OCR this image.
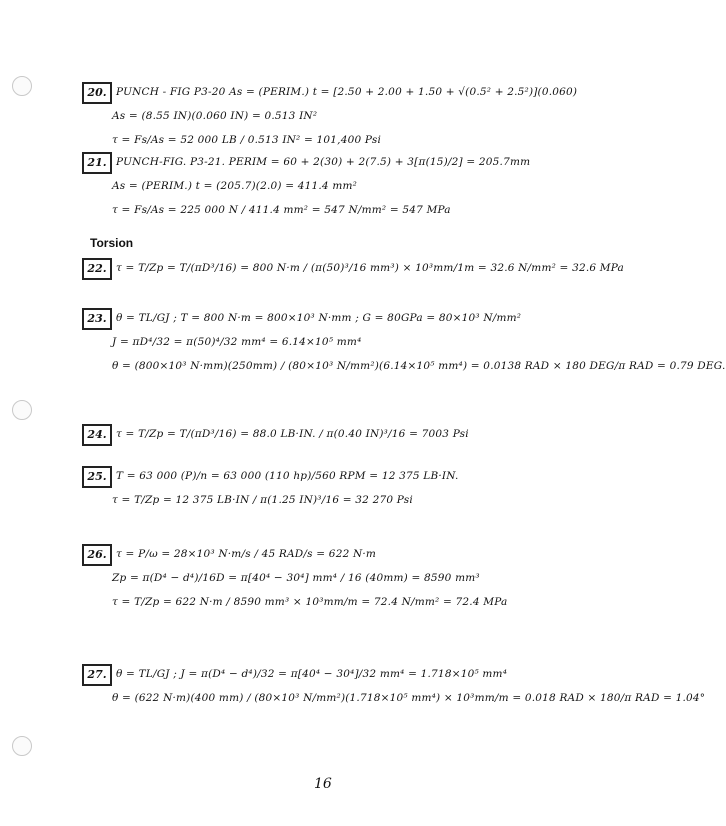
Torsion
20. PUNCH - FIG P3-20 As = (PERIM.) t = [2.50 + 2.00 + 1.50 + √(0.5² + 2.5²)](0.060)
As = (8.55 IN)(0.060 IN) = 0.513 IN²
τ = Fs/As = 52 000 LB / 0.513 IN² = 101,400 Psi
21. PUNCH-FIG. P3-21. PERIM = 60 + 2(30) + 2(7.5) + 3[π(15)/2] = 205.7mm
As = (PERIM.) t = (205.7)(2.0) = 411.4 mm²
τ = Fs/As = 225 000 N / 411.4 mm² = 547 N/mm² = 547 MPa
22. τ = T/Zp = T/(πD³/16) = 800 N·m / (π(50)³/16 mm³) × 10³mm/1m = 32.6 N/mm² = 32.6 MPa
23. θ = TL/GJ ; T = 800 N·m = 800×10³ N·mm ; G = 80GPa = 80×10³ N/mm²
J = πD⁴/32 = π(50)⁴/32 mm⁴ = 6.14×10⁵ mm⁴
θ = (800×10³ N·mm)(250mm) / (80×10³ N/mm²)(6.14×10⁵ mm⁴) = 0.0138 RAD × 180 DEG/π RAD = 0.79 DEG.
24. τ = T/Zp = T/(πD³/16) = 88.0 LB·IN. / π(0.40 IN)³/16 = 7003 Psi
25. T = 63 000 (P)/n = 63 000 (110 hp)/560 RPM = 12 375 LB·IN.
τ = T/Zp = 12 375 LB·IN / π(1.25 IN)³/16 = 32 270 Psi
26. τ = P/ω = 28×10³ N·m/s / 45 RAD/s = 622 N·m
Zp = π(D⁴ − d⁴)/16D = π[40⁴ − 30⁴] mm⁴ / 16 (40mm) = 8590 mm³
τ = T/Zp = 622 N·m / 8590 mm³ × 10³mm/m = 72.4 N/mm² = 72.4 MPa
27. θ = TL/GJ ; J = π(D⁴ − d⁴)/32 = π[40⁴ − 30⁴]/32 mm⁴ = 1.718×10⁵ mm⁴
θ = (622 N·m)(400 mm) / (80×10³ N/mm²)(1.718×10⁵ mm⁴) × 10³mm/m = 0.018 RAD × 180/π RAD = 1.04°
16
